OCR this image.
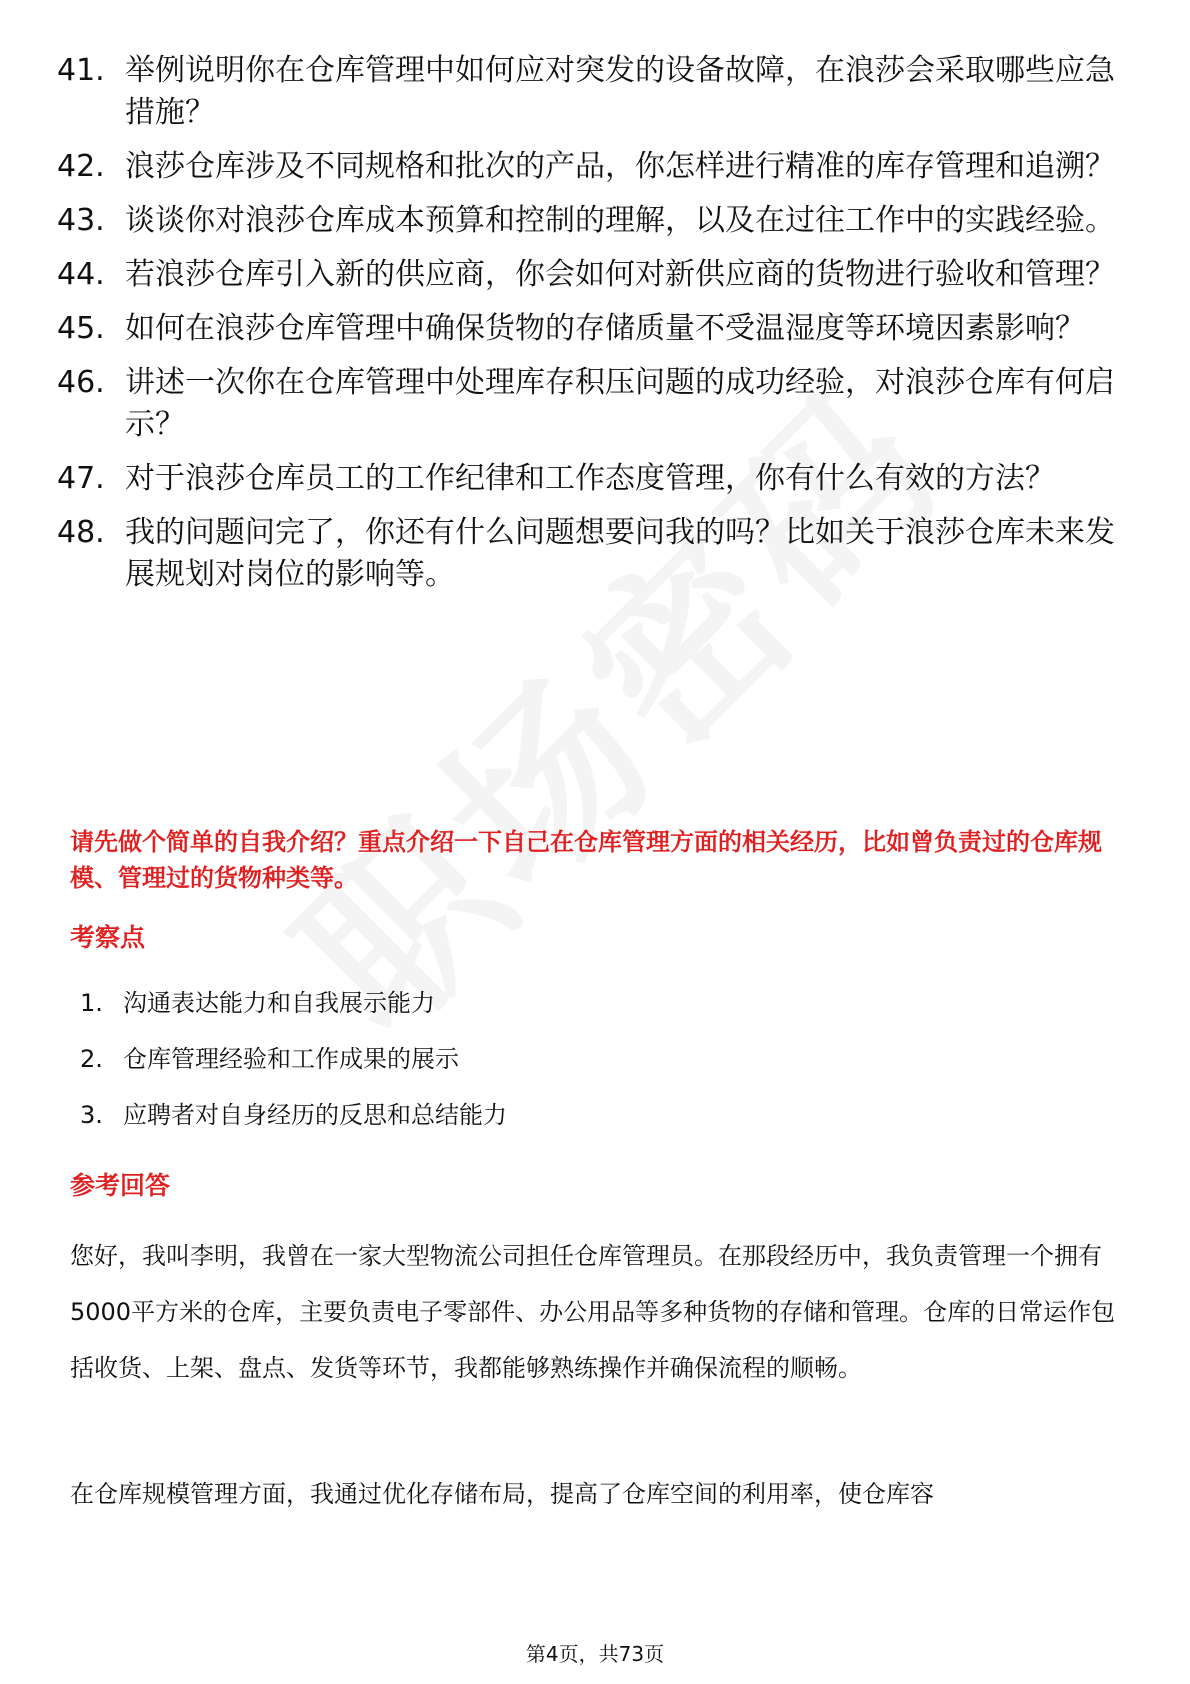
41. 举例说明你在仓库管理中如何应对突发的设备故障，在浪莎会采取哪些应急措施？
42. 浪莎仓库涉及不同规格和批次的产品，你怎样进行精准的库存管理和追溯？
43. 谈谈你对浪莎仓库成本预算和控制的理解，以及在过往工作中的实践经验。
44. 若浪莎仓库引入新的供应商，你会如何对新供应商的货物进行验收和管理？
45. 如何在浪莎仓库管理中确保货物的存储质量不受温湿度等环境因素影响？
46. 讲述一次你在仓库管理中处理库存积压问题的成功经验，对浪莎仓库有何启示？
47. 对于浪莎仓库员工的工作纪律和工作态度管理，你有什么有效的方法？
48. 我的问题问完了，你还有什么问题想要问我的吗？比如关于浪莎仓库未来发展规划对岗位的影响等。

请先做个简单的自我介绍？重点介绍一下自己在仓库管理方面的相关经历，比如曾负责过的仓库规模、管理过的货物种类等。

考察点
1. 沟通表达能力和自我展示能力
2. 仓库管理经验和工作成果的展示
3. 应聘者对自身经历的反思和总结能力
参考回答

您好，我叫李明，我曾在一家大型物流公司担任仓库管理员。在那段经历中，我负责管理一个拥有5000平方米的仓库，主要负责电子零部件、办公用品等多种货物的存储和管理。仓库的日常运作包括收货、上架、盘点、发货等环节，我都能够熟练操作并确保流程的顺畅。

在仓库规模管理方面，我通过优化存储布局，提高了仓库空间的利用率，使仓库容

第4页，共73页
